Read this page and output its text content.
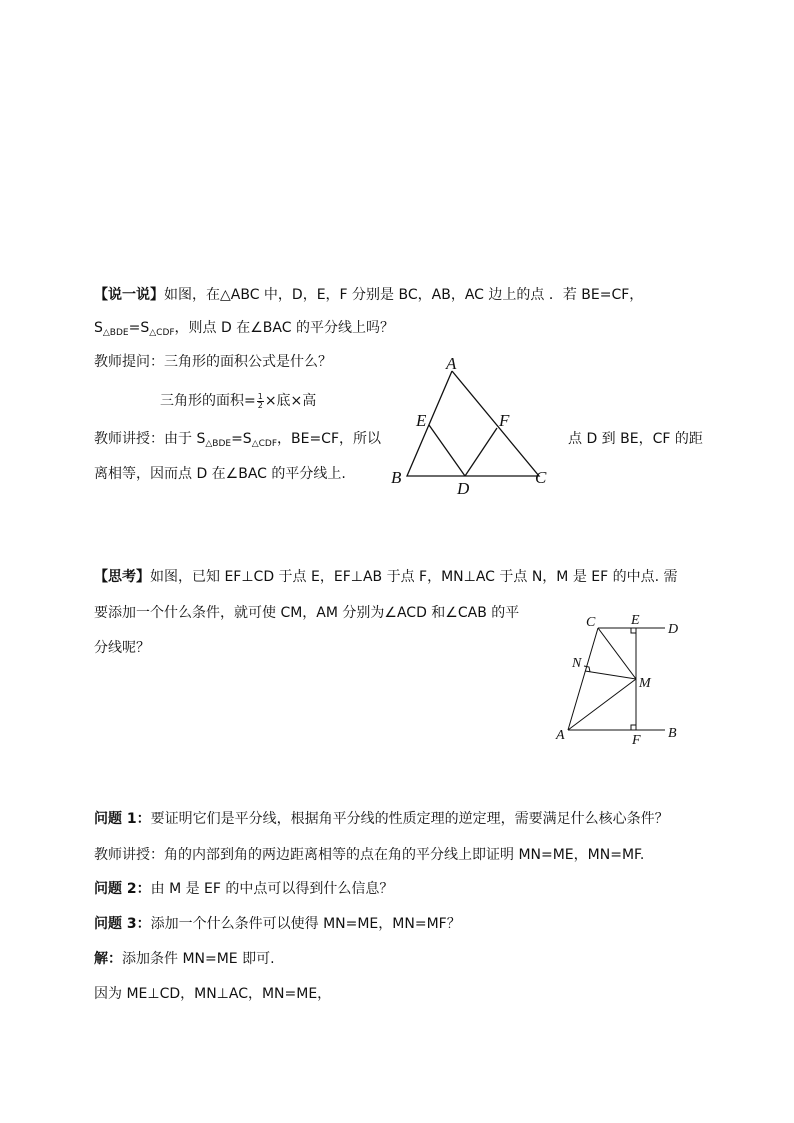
【说一说】如图，在△ABC 中，D，E，F 分别是 BC，AB，AC 边上的点 ．若 BE=CF，
$S_{\triangle BDE}=S_{\triangle CDF}$，则点 D 在∠BAC 的平分线上吗？
教师提问：三角形的面积公式是什么？
三角形的面积= $\frac{1}{2}$ ×底×高
教师讲授：由于 $S_{\triangle BDE}=S_{\triangle CDF}$，BE=CF，所以	点 D 到 BE，CF 的距
离相等，因而点 D 在∠BAC 的平分线上.
A
B	C
D
E	F
【思考】如图，已知 EF⊥CD 于点 E，EF⊥AB 于点 F，MN⊥AC 于点 N，M 是 EF 的中点. 需
要添加一个什么条件，就可使 CM，AM 分别为∠ACD 和∠CAB 的平
分线呢？
C	E
D
N
M
A	F B
问题 1：要证明它们是平分线，根据角平分线的性质定理的逆定理，需要满足什么核心条件？
教师讲授：角的内部到角的两边距离相等的点在角的平分线上即证明 MN=ME，MN=MF.
问题 2：由 M 是 EF 的中点可以得到什么信息？
问题 3：添加一个什么条件可以使得 MN=ME，MN=MF？
解：添加条件 MN=ME 即可.
因为 ME⊥CD，MN⊥AC，MN=ME，
